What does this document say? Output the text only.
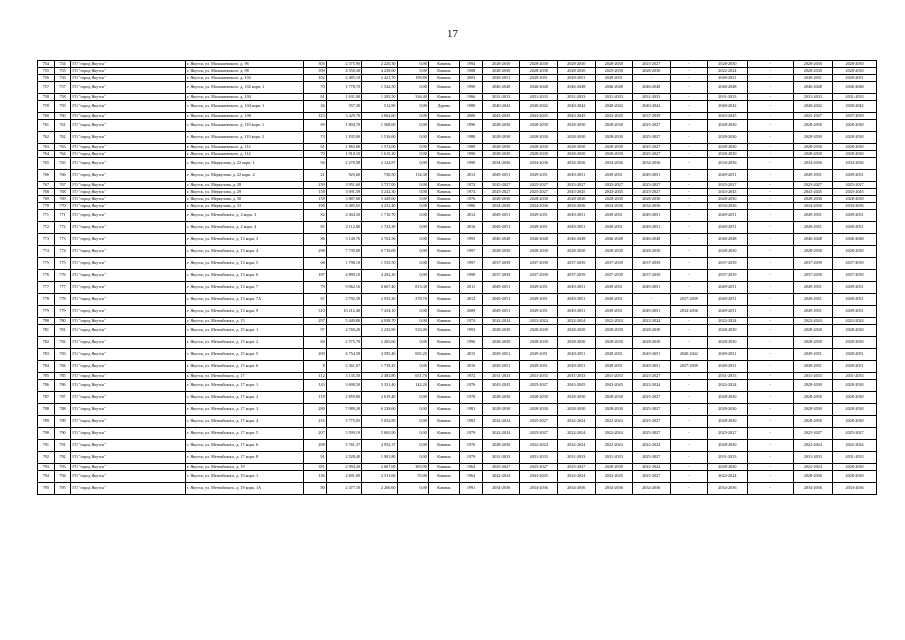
17
754	754	ГО "город Якутск"	г. Якутск, ул. Малышевского, д. 96	305	2 375,90	2 220,30	0,00	Камень	1994	2028-2030	2028-2030	2028-2030	2028-2030	2025-2027	-	2028-2030	-	2028-2030	2028-2030
755	755	ГО "город Якутск"	г. Якутск, ул. Малышевского, д. 98	399	4 550,30	4 238,60	0,00	Камень	1988	2028-2030	2028-2030	2028-2030	2025-2030	2028-2030	-	2022-2024	-	2028-2030	2028-2030
756	756	ГО "город Якутск"	г. Якутск, ул. Малышевского, д. 102	102	2 485,10	2 421,70	199,80	Камень	2003	2049-2051	2049-2051	2049-2051	2049-2051	-	-	2049-2051	-	2049-2051	2049-2051
757	757	ГО "город Якутск"	г. Якутск, ул. Малышевского, д. 102 корп. 1	70	1 778,70	1 542,50	0,00	Камень	1990	2046-2048	2046-2048	2046-2048	2046-2048	2046-2048	-	2046-2048	-	2046-2048	2046-2048
758	758	ГО "город Якутск"	г. Якутск, ул. Малышевского, д. 104	61	1 631,90	1 295,50	336,40	Камень	1966	2031-2033	2031-2033	2031-2033	2031-2033	2031-2033	-	2031-2033	-	2031-2033	2031-2033
759	759	ГО "город Якутск"	г. Якутск, ул. Малышевского, д. 104 корп. 1	26	557,30	512,90	0,00	Дерево	1980	2040-2042	2040-2042	2040-2042	2040-2042	2040-2042	-	2040-2042	-	2040-2042	2040-2042
760	760	ГО "город Якутск"	г. Якутск, ул. Малышевского, д. 108	123	3 429,70	3 062,60	0,00	Камень	2000	2043-2045	2043-2045	2043-2045	2043-2045	2037-2039	-	2043-2045	-	2025-2027	2037-2039
761	761	ГО "город Якутск"	г. Якутск, ул. Малышевского, д. 110 корп. 1	69	1 804,70	1 568,00	0,00	Камень	1996	2028-2030	2028-2030	2028-2030	2028-2030	2025-2027	-	2028-2030	-	2028-2030	2028-2030
762	762	ГО "город Якутск"	г. Якутск, ул. Малышевского, д. 110 корп. 2	73	1 835,00	1 516,60	0,00	Камень	1988	2028-2030	2028-2030	2028-2030	2028-2030	2025-2027	-	2028-2030	-	2028-2030	2028-2030
763	763	ГО "город Якутск"	г. Якутск, ул. Малышевского, д. 112	61	1 863,80	1 572,00	0,00	Камень	1989	2028-2030	2028-2030	2028-2030	2028-2030	2025-2027	-	2028-2030	-	2028-2030	2028-2030
764	764	ГО "город Якутск"	г. Якутск, ул. Малышевского, д. 114	70	1 910,10	1 615,20	0,00	Камень	1990	2028-2030	2028-2030	2028-2030	2028-2030	2025-2027	-	2028-2030	-	2028-2030	2028-2030
765	765	ГО "город Якутск"	г. Якутск, ул. Меркулова, д. 22 корп. 1	94	2 270,98	2 124,87	0,00	Камень	1990	2034-2036	2034-2036	2034-2036	2034-2036	2034-2036	-	2034-2036	-	2034-2036	2034-2036
766	766	ГО "город Якутск"	г. Якутск, ул. Меркулова, д. 22 корп. 2	21	925,60	730,50	134,30	Камень	2013	2049-2051	2049-2051	2049-2051	2049-2051	2049-2051	-	2049-2051	-	2049-2051	2049-2051
767	767	ГО "город Якутск"	г. Якутск, ул. Меркулова, д. 28	239	3 951,60	2 737,00	0,00	Камень	1972	2025-2027	2025-2027	2025-2027	2025-2027	2025-2027	-	2025-2027	-	2025-2027	2025-2027
768	768	ГО "город Якутск"	г. Якутск, ул. Меркулова, д. 29	138	3 691,59	3 242,30	0,00	Камень	1974	2025-2027	2025-2027	2043-2045	2043-2045	2025-2027	-	2043-2045	-	2043-2045	2043-2045
769	769	ГО "город Якутск"	г. Якутск, ул. Меркулова, д. 30	159	3 887,60	3 449,60	0,00	Камень	1976	2028-2030	2028-2030	2028-2030	2028-2030	2028-2030	-	2028-2030	-	2028-2030	2028-2030
770	770	ГО "город Якутск"	г. Якутск, ул. Меркулова, д. 33	190	4 485,65	4 252,40	0,00	Камень	1986	2034-2036	2034-2036	2034-2036	2034-2036	2034-2036	-	2034-2036	-	2034-2036	2034-2036
771	771	ГО "город Якутск"	г. Якутск, ул. Мечтайского, д. 2 корп. 3	82	2 004,50	1 710,70	0,00	Камень	2012	2049-2051	2049-2051	2049-2051	2049-2051	2049-2051	-	2049-2051	-	2049-2051	2049-2051
772	772	ГО "город Якутск"	г. Якутск, ул. Мечтайского, д. 2 корп. 4	85	2 112,80	1 723,30	0,00	Камень	2016	2049-2051	2049-2051	2049-2051	2049-2051	2049-2051	-	2049-2051	-	2049-2051	2049-2051
773	773	ГО "город Якутск"	г. Якутск, ул. Мечтайского, д. 13 корп. 3	86	3 140,76	2 762,56	0,00	Камень	1995	2046-2048	2046-2048	2046-2048	2046-2048	2046-2048	-	2046-2048	-	2046-2048	2046-2048
774	774	ГО "город Якутск"	г. Якутск, ул. Мечтайского, д. 13 корп. 4	298	7 739,00	6 716,00	0,00	Камень	1997	2028-2030	2028-2030	2028-2030	2028-2030	2028-2030	-	2028-2030	-	2028-2030	2028-2030
775	775	ГО "город Якутск"	г. Якутск, ул. Мечтайского, д. 13 корп. 5	66	1 798,10	1 535,50	0,00	Камень	1997	2037-2039	2037-2039	2037-2039	2037-2039	2037-2039	-	2037-2039	-	2037-2039	2037-2039
776	776	ГО "город Якутск"	г. Якутск, ул. Мечтайского, д. 13 корп. 6	187	4 899,10	4 292,20	0,00	Камень	1998	2037-2039	2037-2039	2037-2039	2037-2039	2037-2039	-	2037-2039	-	2037-2039	2037-2039
777	777	ГО "город Якутск"	г. Якутск, ул. Мечтайского, д. 13 корп. 7	79	9 062,16	6 667,40	813,30	Камень	2011	2049-2051	2049-2051	2049-2051	2049-2051	2049-2051	-	2049-2051	-	2049-2051	2049-2051
778	778	ГО "город Якутск"	г. Якутск, ул. Мечтайского, д. 13 корп. 7А	67	3 792,39	2 935,20	278,70	Камень	2012	2049-2051	2049-2051	2049-2051	2049-2051	-	2037-2039	2049-2051	-	2049-2051	2049-2051
779	779	ГО "город Якутск"	г. Якутск, ул. Мечтайского, д. 13 корп. 9	310	10 212,40	7 434,10	0,00	Камень	2009	2049-2051	2049-2051	2049-2051	2049-2051	2049-2051	2034-2036	2049-2051	-	2049-2051	2049-2051
780	780	ГО "город Якутск"	г. Якутск, ул. Мечтайского, д. 15	297	5 449,80	4 938,70	0,00	Камень	1974	2022-2024	2022-2024	2022-2024	2022-2024	2022-2024	-	2022-2024	-	2022-2024	2022-2024
781	781	ГО "город Якутск"	г. Якутск, ул. Мечтайского, д. 15 корп. 1	97	2 769,20	2 235,90	533,00	Камень	1993	2028-2030	2028-2030	2028-2030	2028-2030	2028-2030	-	2028-2030	-	2028-2030	2028-2030
782	782	ГО "город Якутск"	г. Якутск, ул. Мечтайского, д. 15 корп. 2	84	2 575,70	2 265,60	0,00	Камень	1996	2028-2030	2028-2030	2028-2030	2028-2030	2028-2030	-	2028-2030	-	2028-2030	2028-2030
783	783	ГО "город Якутск"	г. Якутск, ул. Мечтайского, д. 15 корп. 5	200	6 754,59	4 595,40	695,20	Камень	2015	2049-2051	2049-2051	2049-2051	2049-2051	2049-2051	2040-2042	2049-2051	-	2049-2051	2049-2051
784	784	ГО "город Якутск"	г. Якутск, ул. Мечтайского, д. 15 корп. 6	8	2 361,67	1 739,43	0,00	Камень	2010	2049-2051	2049-2051	2049-2051	2049-2051	2049-2051	2037-2039	2049-2051	-	2049-2051	2049-2051
785	785	ГО "город Якутск"	г. Якутск, ул. Мечтайского, д. 17	112	3 135,50	2 483,80	651,70	Камень	1972	2031-2033	2031-2033	2031-2033	2031-2033	2025-2027	-	2031-2033	-	2031-2033	2031-2033
786	786	ГО "город Якутск"	г. Якутск, ул. Мечтайского, д. 17 корп. 1	143	3 698,50	3 331,40	142,20	Камень	1976	2043-2045	2025-2027	2043-2045	2043-2045	2022-2024	-	2022-2024	-	2028-2030	2028-2030
787	787	ГО "город Якутск"	г. Якутск, ул. Мечтайского, д. 17 корп. 2	118	2 859,80	2 619,40	0,00	Камень	1978	2028-2030	2028-2030	2028-2030	2028-2030	2025-2027	-	2028-2030	-	2028-2030	2028-2030
788	788	ГО "город Якутск"	г. Якутск, ул. Мечтайского, д. 17 корп. 3	280	7 089,20	6 238,60	0,00	Камень	1981	2028-2030	2028-2030	2028-2030	2028-2030	2025-2027	-	2028-2030	-	2028-2030	2028-2030
789	789	ГО "город Якутск"	г. Якутск, ул. Мечтайского, д. 17 корп. 4	216	5 775,05	5 052,85	0,00	Камень	1983	2022-2024	2025-2027	2022-2024	2022-2024	2025-2027	-	2028-2030	-	2028-2030	2028-2030
790	790	ГО "город Якутск"	г. Якутск, ул. Мечтайского, д. 17 корп. 5	207	5 599,10	5 065,90	0,00	Камень	1979	2022-2024	2025-2027	2022-2024	2022-2024	2025-2027	-	2025-2027	-	2025-2027	2025-2027
791	791	ГО "город Якутск"	г. Якутск, ул. Мечтайского, д. 17 корп. 6	208	5 761,37	4 952,37	0,00	Камень	1976	2028-2030	2022-2024	2022-2024	2022-2024	2022-2024	-	2028-2030	-	2022-2024	2022-2024
792	792	ГО "город Якутск"	г. Якутск, ул. Мечтайского, д. 17 корп. 8	91	2 528,40	1 901,80	0,00	Камень	1979	2031-2033	2031-2033	2031-2033	2031-2033	2025-2027	-	2031-2033	-	2031-2033	2031-2033
793	793	ГО "город Якутск"	г. Якутск, ул. Мечтайского, д. 19	391	2 994,20	2 607,69	383,90	Камень	1964	2025-2027	2025-2027	2025-2027	2028-2030	2022-2024	-	2028-2030	-	2022-2024	2028-2030
794	794	ГО "город Якутск"	г. Якутск, ул. Мечтайского, д. 19 корп. 1	136	2 691,00	2 511,60	55,00	Камень	1964	2022-2024	2043-2045	2022-2024	2043-2045	2025-2027	-	2022-2024	-	2028-2030	2028-2030
795	795	ГО "город Якутск"	г. Якутск, ул. Мечтайского, д. 19 корп. 1А	80	2 477,10	2 260,60	0,00	Камень	1991	2034-2036	2034-2036	2034-2036	2034-2036	2034-2036	-	2034-2036	-	2034-2036	2034-2036
